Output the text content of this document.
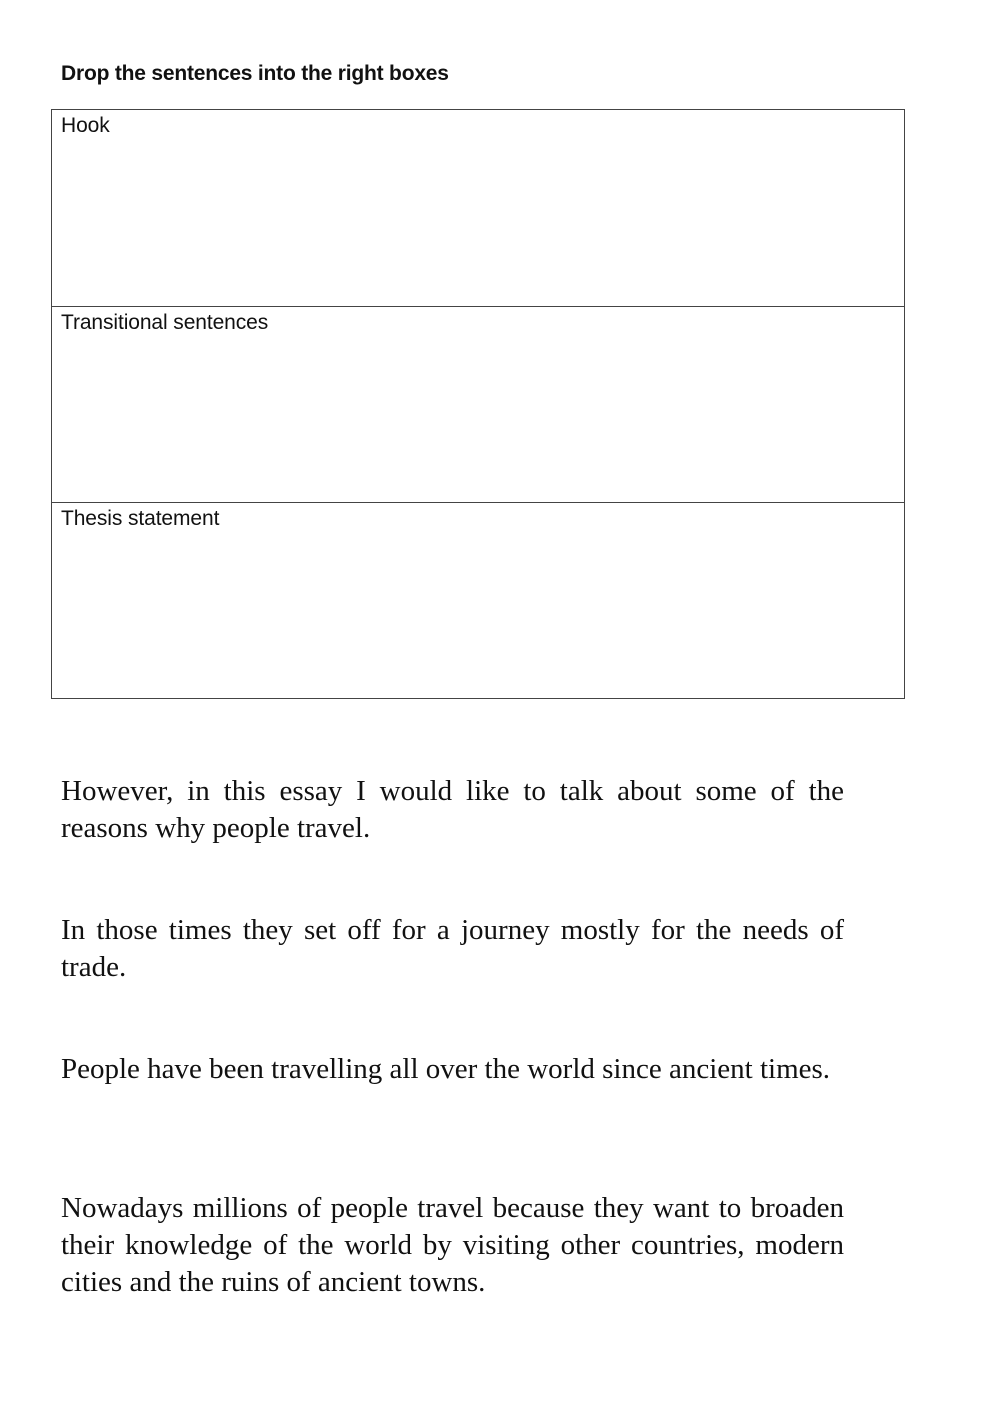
Drop the sentences into the right boxes
Hook
Transitional sentences
Thesis statement

However, in this essay I would like to talk about some of the reasons why people travel.

In those times they set off for a journey mostly for the needs of trade.

People have been travelling all over the world since ancient times.

Nowadays millions of people travel because they want to broaden their knowledge of the world by visiting other countries, modern cities and the ruins of ancient towns.
